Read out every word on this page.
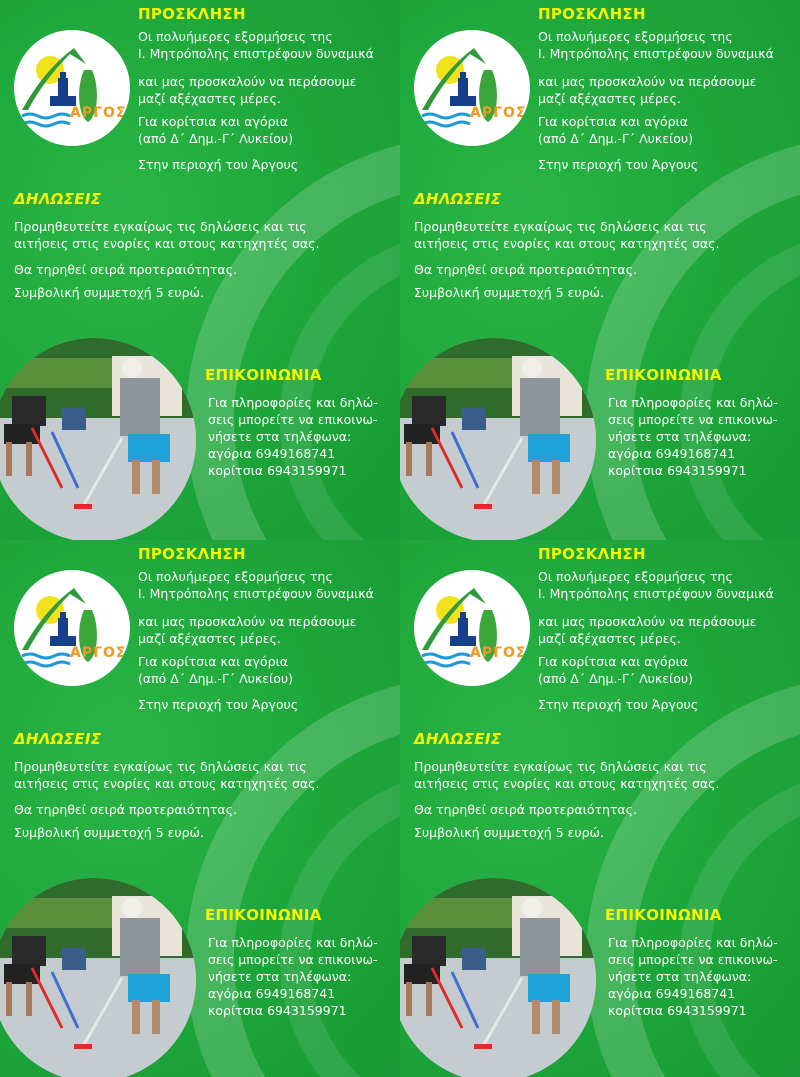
ΑΡΓΟΣ
ΠΡΟΣΚΛΗΣΗ
Οι πολυήμερες εξορμήσεις της
Ι. Μητρόπολης επιστρέφουν δυναμικά
και μας προσκαλούν να περάσουμε
μαζί αξέχαστες μέρες.
Για κορίτσια και αγόρια
(από Δ΄ Δημ.-Γ΄ Λυκείου)
Στην περιοχή του Άργους
ΔΗΛΩΣΕΙΣ
Προμηθευτείτε εγκαίρως τις δηλώσεις και τις
αιτήσεις στις ενορίες και στους κατηχητές σας.
Θα τηρηθεί σειρά προτεραιότητας.
Συμβολική συμμετοχή 5 ευρώ.
ΕΠΙΚΟΙΝΩΝΙΑ
Για πληροφορίες και δηλώ-
σεις μπορείτε να επικοινω-
νήσετε στα τηλέφωνα:
αγόρια 6949168741
κορίτσια 6943159971
ΑΡΓΟΣ
ΠΡΟΣΚΛΗΣΗ
Οι πολυήμερες εξορμήσεις της
Ι. Μητρόπολης επιστρέφουν δυναμικά
και μας προσκαλούν να περάσουμε
μαζί αξέχαστες μέρες.
Για κορίτσια και αγόρια
(από Δ΄ Δημ.-Γ΄ Λυκείου)
Στην περιοχή του Άργους
ΔΗΛΩΣΕΙΣ
Προμηθευτείτε εγκαίρως τις δηλώσεις και τις
αιτήσεις στις ενορίες και στους κατηχητές σας.
Θα τηρηθεί σειρά προτεραιότητας.
Συμβολική συμμετοχή 5 ευρώ.
ΕΠΙΚΟΙΝΩΝΙΑ
Για πληροφορίες και δηλώ-
σεις μπορείτε να επικοινω-
νήσετε στα τηλέφωνα:
αγόρια 6949168741
κορίτσια 6943159971
ΑΡΓΟΣ
ΠΡΟΣΚΛΗΣΗ
Οι πολυήμερες εξορμήσεις της
Ι. Μητρόπολης επιστρέφουν δυναμικά
και μας προσκαλούν να περάσουμε
μαζί αξέχαστες μέρες.
Για κορίτσια και αγόρια
(από Δ΄ Δημ.-Γ΄ Λυκείου)
Στην περιοχή του Άργους
ΔΗΛΩΣΕΙΣ
Προμηθευτείτε εγκαίρως τις δηλώσεις και τις
αιτήσεις στις ενορίες και στους κατηχητές σας.
Θα τηρηθεί σειρά προτεραιότητας.
Συμβολική συμμετοχή 5 ευρώ.
ΕΠΙΚΟΙΝΩΝΙΑ
Για πληροφορίες και δηλώ-
σεις μπορείτε να επικοινω-
νήσετε στα τηλέφωνα:
αγόρια 6949168741
κορίτσια 6943159971
ΑΡΓΟΣ
ΠΡΟΣΚΛΗΣΗ
Οι πολυήμερες εξορμήσεις της
Ι. Μητρόπολης επιστρέφουν δυναμικά
και μας προσκαλούν να περάσουμε
μαζί αξέχαστες μέρες.
Για κορίτσια και αγόρια
(από Δ΄ Δημ.-Γ΄ Λυκείου)
Στην περιοχή του Άργους
ΔΗΛΩΣΕΙΣ
Προμηθευτείτε εγκαίρως τις δηλώσεις και τις
αιτήσεις στις ενορίες και στους κατηχητές σας.
Θα τηρηθεί σειρά προτεραιότητας.
Συμβολική συμμετοχή 5 ευρώ.
ΕΠΙΚΟΙΝΩΝΙΑ
Για πληροφορίες και δηλώ-
σεις μπορείτε να επικοινω-
νήσετε στα τηλέφωνα:
αγόρια 6949168741
κορίτσια 6943159971
